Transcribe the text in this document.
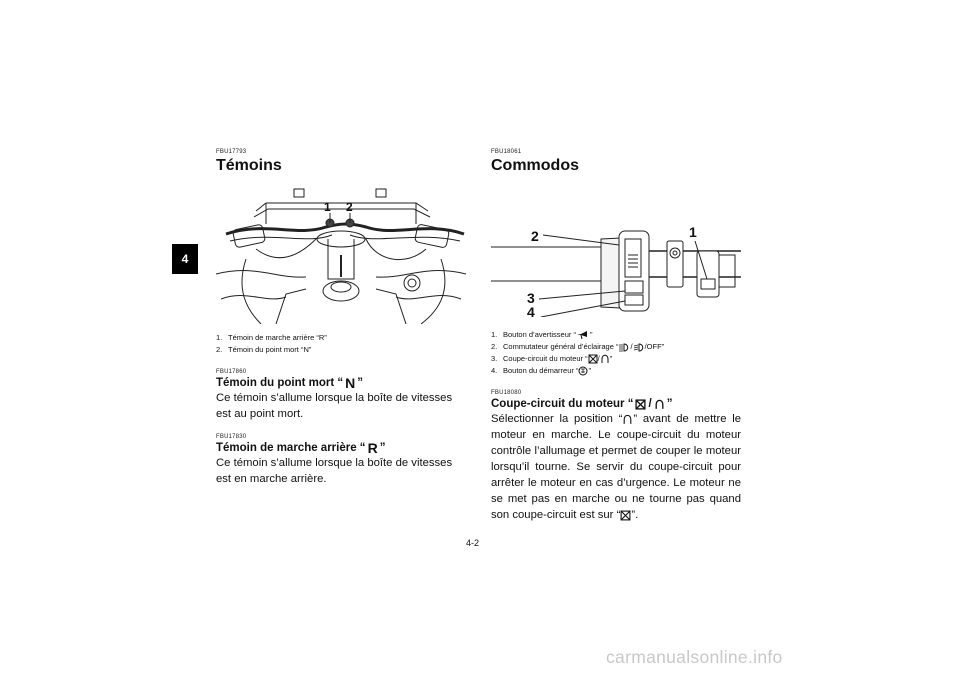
4
FBU17793
Témoins
1 2
1. Témoin de marche arrière “R”
2. Témoin du point mort “N”
FBU17860
Témoin du point mort “ N ”
Ce témoin s’allume lorsque la boîte de vitesses est au point mort.
FBU17830
Témoin de marche arrière “ R ”
Ce témoin s’allume lorsque la boîte de vitesses est en marche arrière.
FBU18061
Commodos
1
2
3
4
1. Bouton d’avertisseur “ ”
2. Commutateur général d’éclairage “ / /OFF”
3. Coupe-circuit du moteur “ / ”
4. Bouton du démarreur “ ”
FBU18080
Coupe-circuit du moteur “ / ”
Sélectionner la position “ ” avant de mettre le moteur en marche. Le coupe-circuit du moteur contrôle l’allumage et permet de couper le moteur lorsqu’il tourne. Se servir du coupe-circuit pour arrêter le moteur en cas d’urgence. Le moteur ne se met pas en marche ou ne tourne pas quand son coupe-circuit est sur “ ”.
4-2
carmanualsonline.info
